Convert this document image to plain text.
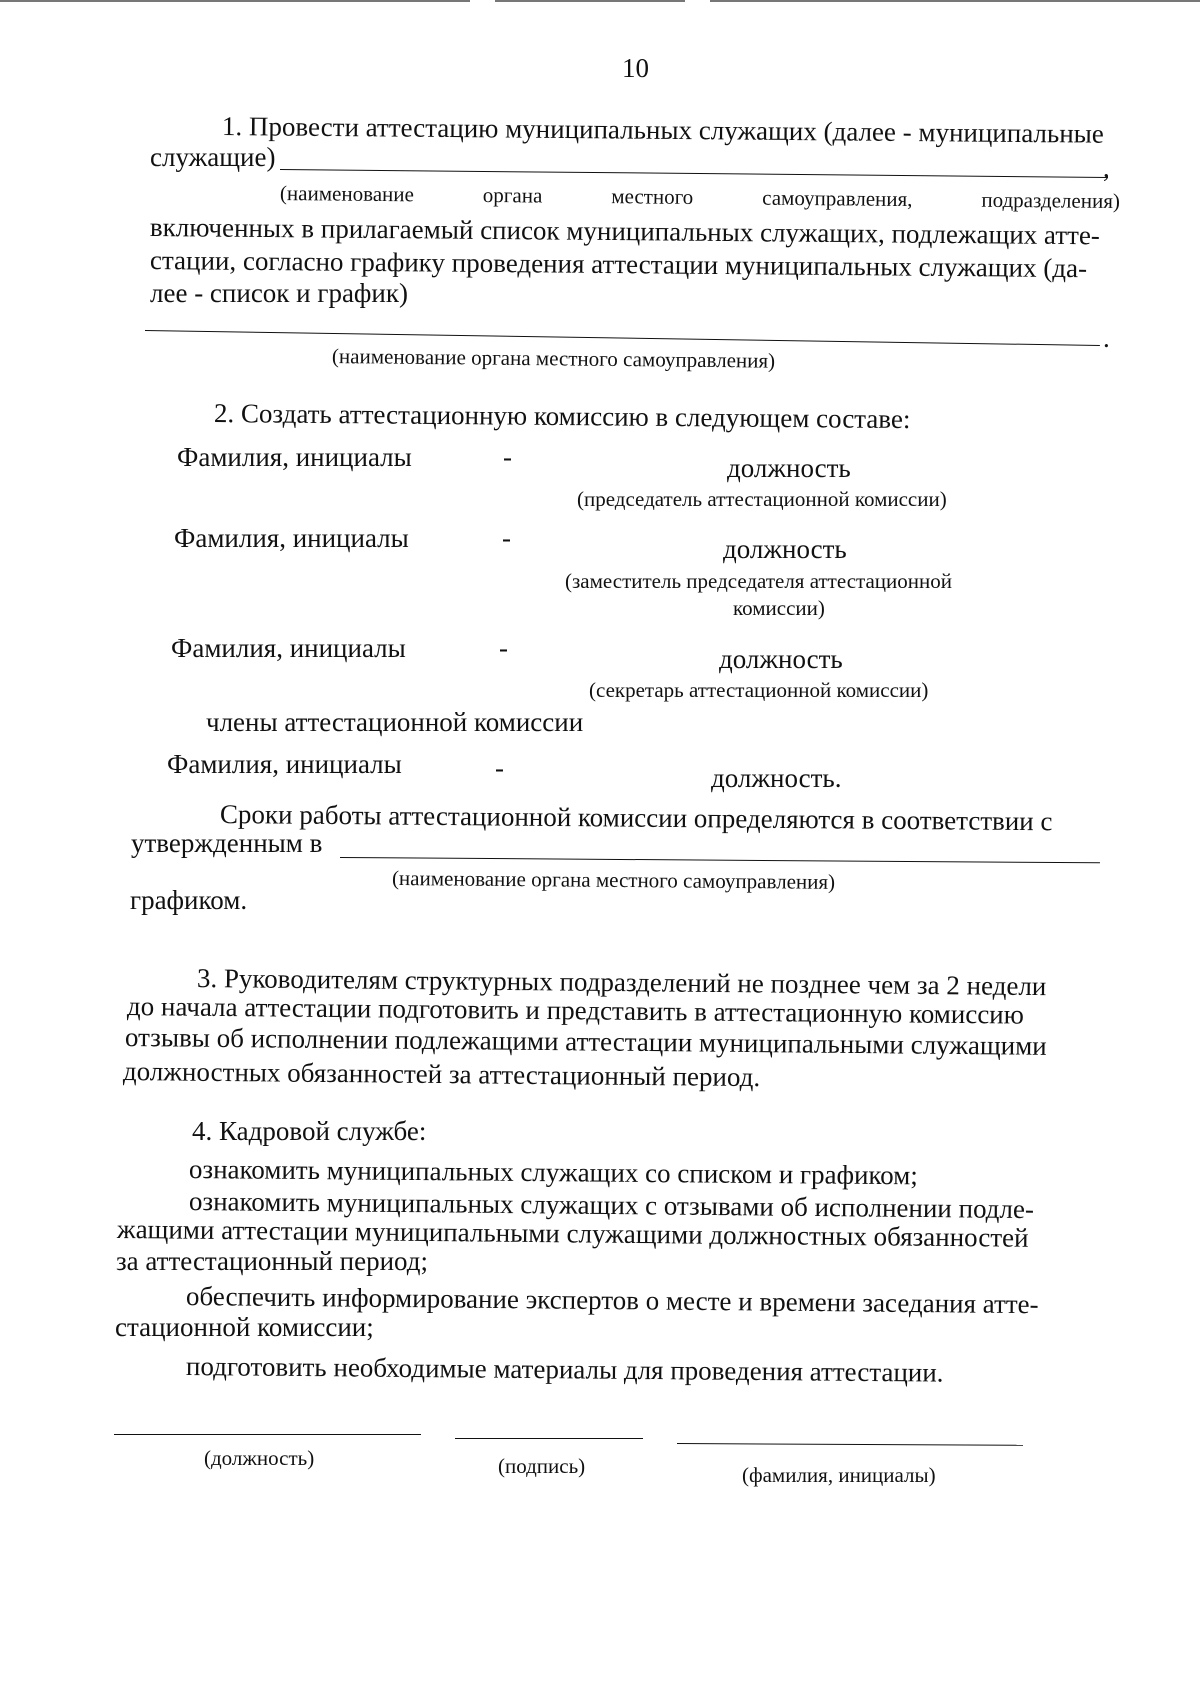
10
1. Провести аттестацию муниципальных служащих (далее - муниципальные
служащие)	,
(наименование	органа	местного	самоуправления,	подразделения)
включенных в прилагаемый список муниципальных служащих, подлежащих атте-
стации, согласно графику проведения аттестации муниципальных служащих (да-
лее - список и график)
.
(наименование органа местного самоуправления)
2. Создать аттестационную комиссию в следующем составе:
Фамилия, инициалы	-	должность
(председатель аттестационной комиссии)
Фамилия, инициалы	-	должность
(заместитель председателя аттестационной
комиссии)
Фамилия, инициалы	-	должность
(секретарь аттестационной комиссии)
члены аттестационной комиссии
Фамилия, инициалы	-	должность.
Сроки работы аттестационной комиссии определяются в соответствии с
утвержденным в
(наименование органа местного самоуправления)
графиком.
3. Руководителям структурных подразделений не позднее чем за 2 недели
до начала аттестации подготовить и представить в аттестационную комиссию
отзывы об исполнении подлежащими аттестации муниципальными служащими
должностных обязанностей за аттестационный период.
4. Кадровой службе:
ознакомить муниципальных служащих со списком и графиком;
ознакомить муниципальных служащих с отзывами об исполнении подле-
жащими аттестации муниципальными служащими должностных обязанностей
за аттестационный период;
обеспечить информирование экспертов о месте и времени заседания атте-
стационной комиссии;
подготовить необходимые материалы для проведения аттестации.
(должность)	(подпись)	(фамилия, инициалы)
